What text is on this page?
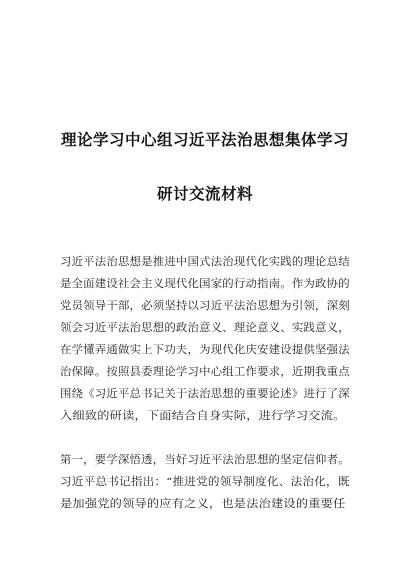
理论学习中心组习近平法治思想集体学习
研讨交流材料
习近平法治思想是推进中国式法治现代化实践的理论总结
是全面建设社会主义现代化国家的行动指南。作为政协的
党员领导干部，必须坚持以习近平法治思想为引领，深刻
领会习近平法治思想的政治意义、理论意义、实践意义，
在学懂弄通做实上下功夫，为现代化庆安建设提供坚强法
治保障。按照县委理论学习中心组工作要求，近期我重点
围绕《习近平总书记关于法治思想的重要论述》进行了深
入细致的研读，下面结合自身实际，进行学习交流。
第一，要学深悟透，当好习近平法治思想的坚定信仰者。
习近平总书记指出：“推进党的领导制度化、法治化，既
是加强党的领导的应有之义，也是法治建设的重要任
